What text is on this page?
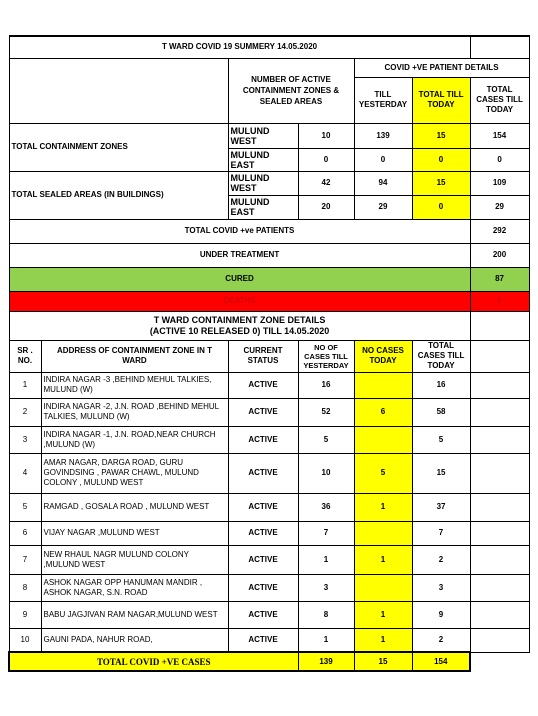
T WARD COVID 19 SUMMERY 14.05.2020						
		NUMBER OF ACTIVE CONTAINMENT ZONES & SEALED AREAS		COVID +VE PATIENT DETAILS		
				TILL YESTERDAY	TOTAL TILL TODAY	TOTAL CASES TILL TODAY
TOTAL CONTAINMENT ZONES		MULUND WEST	10	139	15	154
		MULUND EAST	0	0	0	0
TOTAL SEALED AREAS (IN BUILDINGS)		MULUND WEST	42	94	15	109
		MULUND EAST	20	29	0	29
TOTAL COVID +ve PATIENTS						292
UNDER TREATMENT						200
CURED						87
DEATHS						5

T WARD CONTAINMENT ZONE DETAILS
(ACTIVE 10 RELEASED 0) TILL 14.05.2020						

SR . NO.	ADDRESS OF CONTAINMENT ZONE IN T WARD	CURRENT STATUS	NO OF CASES TILL YESTERDAY	NO CASES TODAY	TOTAL CASES TILL TODAY	
1	INDIRA NAGAR -3 ,BEHIND MEHUL TALKIES, MULUND (W)	ACTIVE	16		16	
2	INDIRA NAGAR -2, J.N. ROAD ,BEHIND MEHUL TALKIES, MULUND (W)	ACTIVE	52	6	58	
3	INDIRA NAGAR -1, J.N. ROAD,NEAR CHURCH ,MULUND (W)	ACTIVE	5		5	
4	AMAR NAGAR, DARGA ROAD, GURU GOVINDSING , PAWAR CHAWL, MULUND COLONY , MULUND WEST	ACTIVE	10	5	15	
5	RAMGAD , GOSALA ROAD , MULUND WEST	ACTIVE	36	1	37	
6	VIJAY NAGAR ,MULUND WEST	ACTIVE	7		7	
7	NEW RHAUL NAGR MULUND COLONY ,MULUND WEST	ACTIVE	1	1	2	
8	ASHOK NAGAR OPP HANUMAN MANDIR , ASHOK NAGAR, S.N. ROAD	ACTIVE	3		3	
9	BABU JAGJIVAN RAM NAGAR,MULUND WEST	ACTIVE	8	1	9	
10	GAUNI PADA, NAHUR ROAD,	ACTIVE	1	1	2	
TOTAL COVID +VE CASES			139	15	154	
